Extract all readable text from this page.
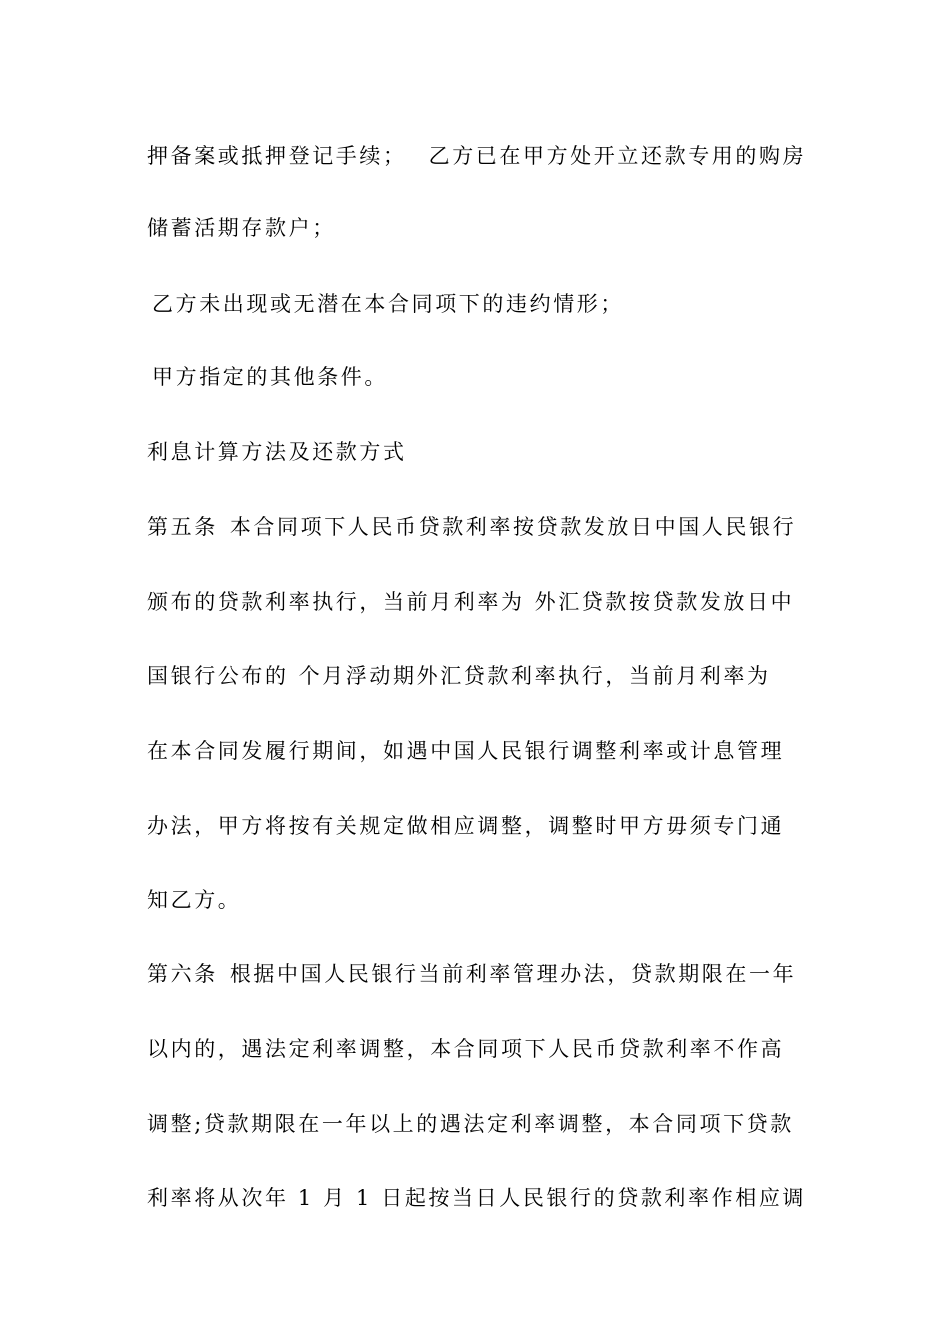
押备案或抵押登记手续； 乙方已在甲方处开立还款专用的购房
储蓄活期存款户；
乙方未出现或无潜在本合同项下的违约情形；
甲方指定的其他条件。
利息计算方法及还款方式
第五条 本合同项下人民币贷款利率按贷款发放日中国人民银行
颁布的贷款利率执行，当前月利率为 外汇贷款按贷款发放日中
国银行公布的 个月浮动期外汇贷款利率执行，当前月利率为
在本合同发履行期间，如遇中国人民银行调整利率或计息管理
办法，甲方将按有关规定做相应调整，调整时甲方毋须专门通
知乙方。
第六条 根据中国人民银行当前利率管理办法，贷款期限在一年
以内的，遇法定利率调整，本合同项下人民币贷款利率不作高
调整;贷款期限在一年以上的遇法定利率调整，本合同项下贷款
利率将从次年 1 月 1 日起按当日人民银行的贷款利率作相应调
